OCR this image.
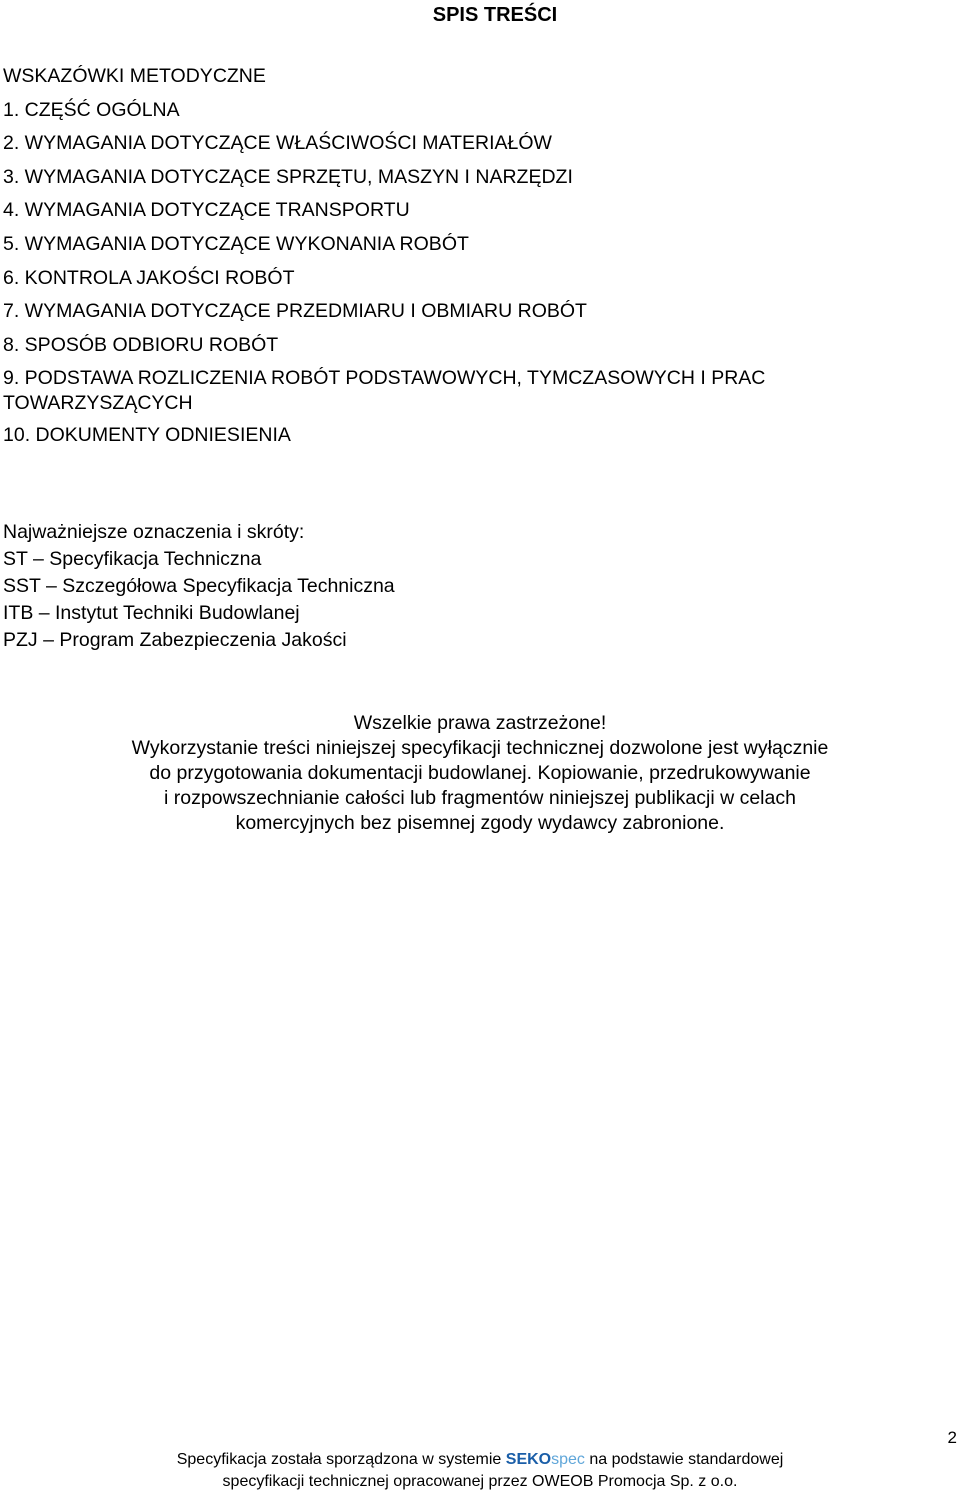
SPIS TREŚCI
WSKAZÓWKI METODYCZNE
1. CZĘŚĆ OGÓLNA
2. WYMAGANIA DOTYCZĄCE WŁAŚCIWOŚCI MATERIAŁÓW
3. WYMAGANIA DOTYCZĄCE SPRZĘTU, MASZYN I NARZĘDZI
4. WYMAGANIA DOTYCZĄCE TRANSPORTU
5. WYMAGANIA DOTYCZĄCE WYKONANIA ROBÓT
6. KONTROLA JAKOŚCI ROBÓT
7. WYMAGANIA DOTYCZĄCE PRZEDMIARU I OBMIARU ROBÓT
8. SPOSÓB ODBIORU ROBÓT
9. PODSTAWA ROZLICZENIA ROBÓT PODSTAWOWYCH, TYMCZASOWYCH I PRAC TOWARZYSZĄCYCH
10. DOKUMENTY ODNIESIENIA
Najważniejsze oznaczenia i skróty:
ST – Specyfikacja Techniczna
SST – Szczegółowa Specyfikacja Techniczna
ITB – Instytut Techniki Budowlanej
PZJ – Program Zabezpieczenia Jakości
Wszelkie prawa zastrzeżone!
Wykorzystanie treści niniejszej specyfikacji technicznej dozwolone jest wyłącznie
do przygotowania dokumentacji budowlanej. Kopiowanie, przedrukowywanie
i rozpowszechnianie całości lub fragmentów niniejszej publikacji w celach
komercyjnych bez pisemnej zgody wydawcy zabronione.
2
Specyfikacja została sporządzona w systemie SEKOspec na podstawie standardowej
specyfikacji technicznej opracowanej przez OWEOB Promocja Sp. z o.o.
